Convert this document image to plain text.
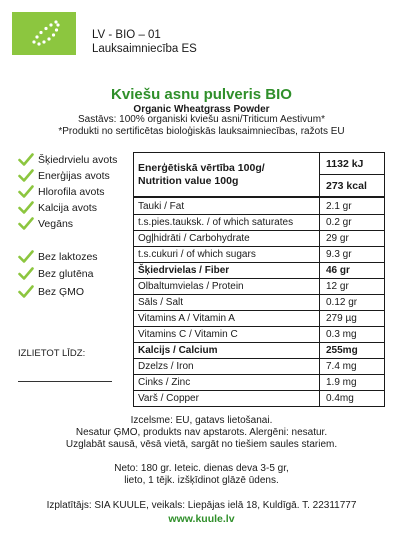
LV - BIO – 01
Lauksaimniecība ES
Kviešu asnu pulveris BIO
Organic Wheatgrass Powder
Sastāvs: 100% organiski kviešu asni/Triticum Aestivum*
*Produkti no sertificētas bioloģiskās lauksaimniecības, ražots EU
Šķiedrvielu avots
Enerģijas avots
Hlorofila avots
Kalcija avots
Vegāns
Bez laktozes
Bez glutēna
Bez ĢMO
IZLIETOT LĪDZ:
Enerģētiskā vērtība 100g/
Nutrition value 100g
1132 kJ
273 kcal
Tauki / Fat	2.1 gr
t.s.pies.tauksk. / of which saturates	0.2 gr
Ogļhidrāti / Carbohydrate	29 gr
t.s.cukuri / of which sugars	9.3 gr
Šķiedrvielas / Fiber	46 gr
Olbaltumvielas / Protein	12 gr
Sāls / Salt	0.12 gr
Vitamins A / Vitamin A	279 µg
Vitamins C / Vitamin C	0.3 mg
Kalcijs / Calcium	255mg
Dzelzs / Iron	7.4 mg
Cinks / Zinc	1.9 mg
Varš / Copper	0.4mg
Izcelsme: EU, gatavs lietošanai.
Nesatur ĢMO, produkts nav apstarots. Alergēni: nesatur.
Uzglabāt sausā, vēsā vietā, sargāt no tiešiem saules stariem.
Neto: 180 gr. Ieteic. dienas deva 3-5 gr,
lieto, 1 tējk. izšķīdinot glāzē ūdens.
Izplatītājs: SIA KUULE, veikals: Liepājas ielā 18, Kuldīgā. T. 22311777
www.kuule.lv
